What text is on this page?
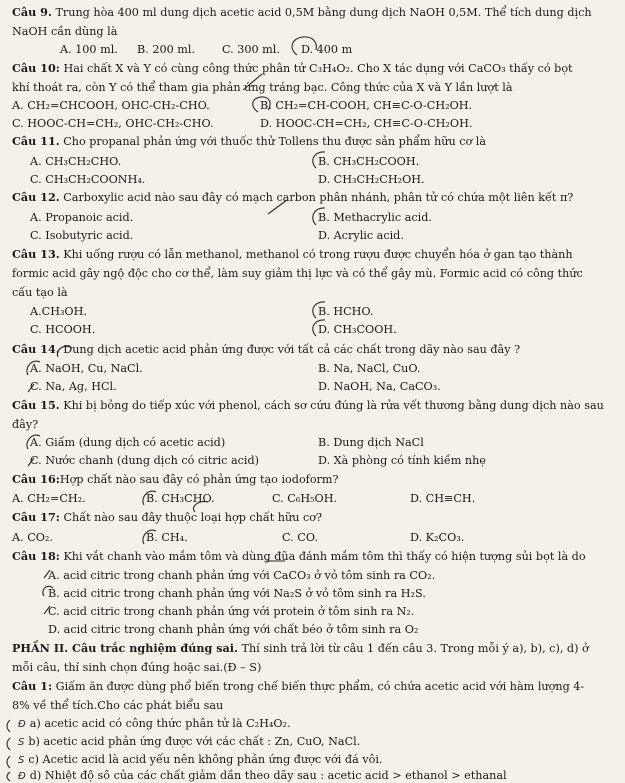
Câu 9. Trung hòa 400 ml dung dịch acetic acid 0,5M bằng dung dịch NaOH 0,5M. Thể tích dung dịch
NaOH cần dùng là
A. 100 ml. B. 200 ml. C. 300 ml. D. 400 m
Câu 10: Hai chất X và Y có cùng công thức phân tử C₃H₄O₂. Cho X tác dụng với CaCO₃ thấy có bọt
khí thoát ra, còn Y có thể tham gia phản ứng tráng bạc. Công thức của X và Y lần lượt là
A. CH₂=CHCOOH, OHC-CH₂-CHO.	B. CH₂=CH-COOH, CH≡C-O-CH₂OH.
C. HOOC-CH=CH₂, OHC-CH₂-CHO.	D. HOOC-CH=CH₂, CH≡C-O-CH₂OH.
Câu 11. Cho propanal phản ứng với thuốc thử Tollens thu được sản phẩm hữu cơ là
A. CH₃CH₂CHO.	B. CH₃CH₂COOH.
C. CH₃CH₂COONH₄.	D. CH₃CH₂CH₂OH.
Câu 12. Carboxylic acid nào sau đây có mạch carbon phân nhánh, phân tử có chứa một liên kết π?
A. Propanoic acid.	B. Methacrylic acid.
C. Isobutyric acid.	D. Acrylic acid.
Câu 13. Khi uống rượu có lẫn methanol, methanol có trong rượu được chuyển hóa ở gan tạo thành
formic acid gây ngộ độc cho cơ thể, làm suy giảm thị lực và có thể gây mù. Formic acid có công thức
cấu tạo là
A.CH₃OH.	B. HCHO.
C. HCOOH.	D. CH₃COOH.
Câu 14. Dung dịch acetic acid phản ứng được với tất cả các chất trong dãy nào sau đây ?
A. NaOH, Cu, NaCl.	B. Na, NaCl, CuO.
C. Na, Ag, HCl.	D. NaOH, Na, CaCO₃.
Câu 15. Khi bị bỏng do tiếp xúc với phenol, cách sơ cứu đúng là rửa vết thương bằng dung dịch nào sau
đây?
A. Giấm (dung dịch có acetic acid)	B. Dung dịch NaCl
C. Nước chanh (dung dịch có citric acid)	D. Xà phòng có tính kiềm nhẹ
Câu 16:Hợp chất nào sau đây có phản ứng tạo iodoform?
A. CH₂=CH₂.	B. CH₃CHO.	C. C₆H₅OH.	D. CH≡CH.
Câu 17: Chất nào sau đây thuộc loại hợp chất hữu cơ?
A. CO₂.	B. CH₄.	C. CO.	D. K₂CO₃.
Câu 18: Khi vắt chanh vào mắm tôm và dùng đũa đánh mắm tôm thì thấy có hiện tượng sủi bọt là do
A. acid citric trong chanh phản ứng với CaCO₃ ở vỏ tôm sinh ra CO₂.
B. acid citric trong chanh phản ứng với Na₂S ở vỏ tôm sinh ra H₂S.
C. acid citric trong chanh phản ứng với protein ở tôm sinh ra N₂.
D. acid citric trong chanh phản ứng với chất béo ở tôm sinh ra O₂
PHẦN II. Câu trắc nghiệm đúng sai. Thí sinh trả lời từ câu 1 đến câu 3. Trong mỗi ý a), b), c), d) ở
mỗi câu, thí sinh chọn đúng hoặc sai.(Đ – S)
Câu 1: Giấm ăn được dùng phổ biến trong chế biến thực phẩm, có chứa acetic acid với hàm lượng 4-
8% về thể tích.Cho các phát biểu sau
Đ a) acetic acid có công thức phân tử là C₂H₄O₂.
S b) acetic acid phản ứng được với các chất : Zn, CuO, NaCl.
S c) Acetic acid là acid yếu nên không phản ứng được với đá vôi.
Đ d) Nhiệt độ sô của các chất giảm dần theo dãy sau : acetic acid > ethanol > ethanal
